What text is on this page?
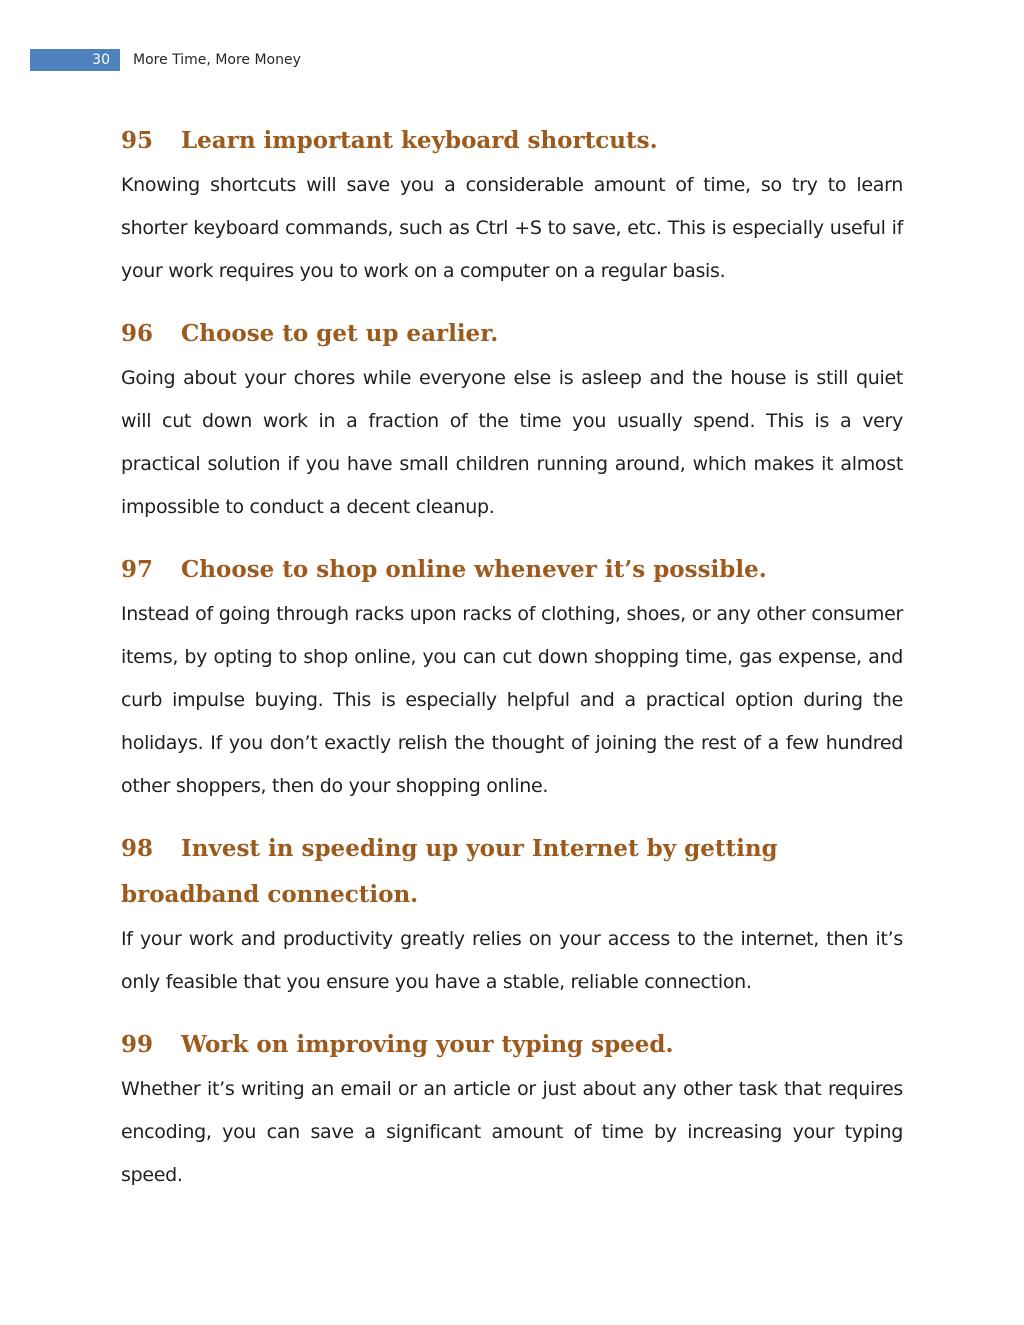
30 More Time, More Money
95 Learn important keyboard shortcuts.

Knowing shortcuts will save you a considerable amount of time, so try to learn shorter keyboard commands, such as Ctrl +S to save, etc. This is especially useful if your work requires you to work on a computer on a regular basis.

96 Choose to get up earlier.

Going about your chores while everyone else is asleep and the house is still quiet will cut down work in a fraction of the time you usually spend. This is a very practical solution if you have small children running around, which makes it almost impossible to conduct a decent cleanup.

97 Choose to shop online whenever it’s possible.

Instead of going through racks upon racks of clothing, shoes, or any other consumer items, by opting to shop online, you can cut down shopping time, gas expense, and curb impulse buying. This is especially helpful and a practical option during the holidays. If you don’t exactly relish the thought of joining the rest of a few hundred other shoppers, then do your shopping online.

98 Invest in speeding up your Internet by getting broadband connection.

If your work and productivity greatly relies on your access to the internet, then it’s only feasible that you ensure you have a stable, reliable connection.

99 Work on improving your typing speed.

Whether it’s writing an email or an article or just about any other task that requires encoding, you can save a significant amount of time by increasing your typing speed.
